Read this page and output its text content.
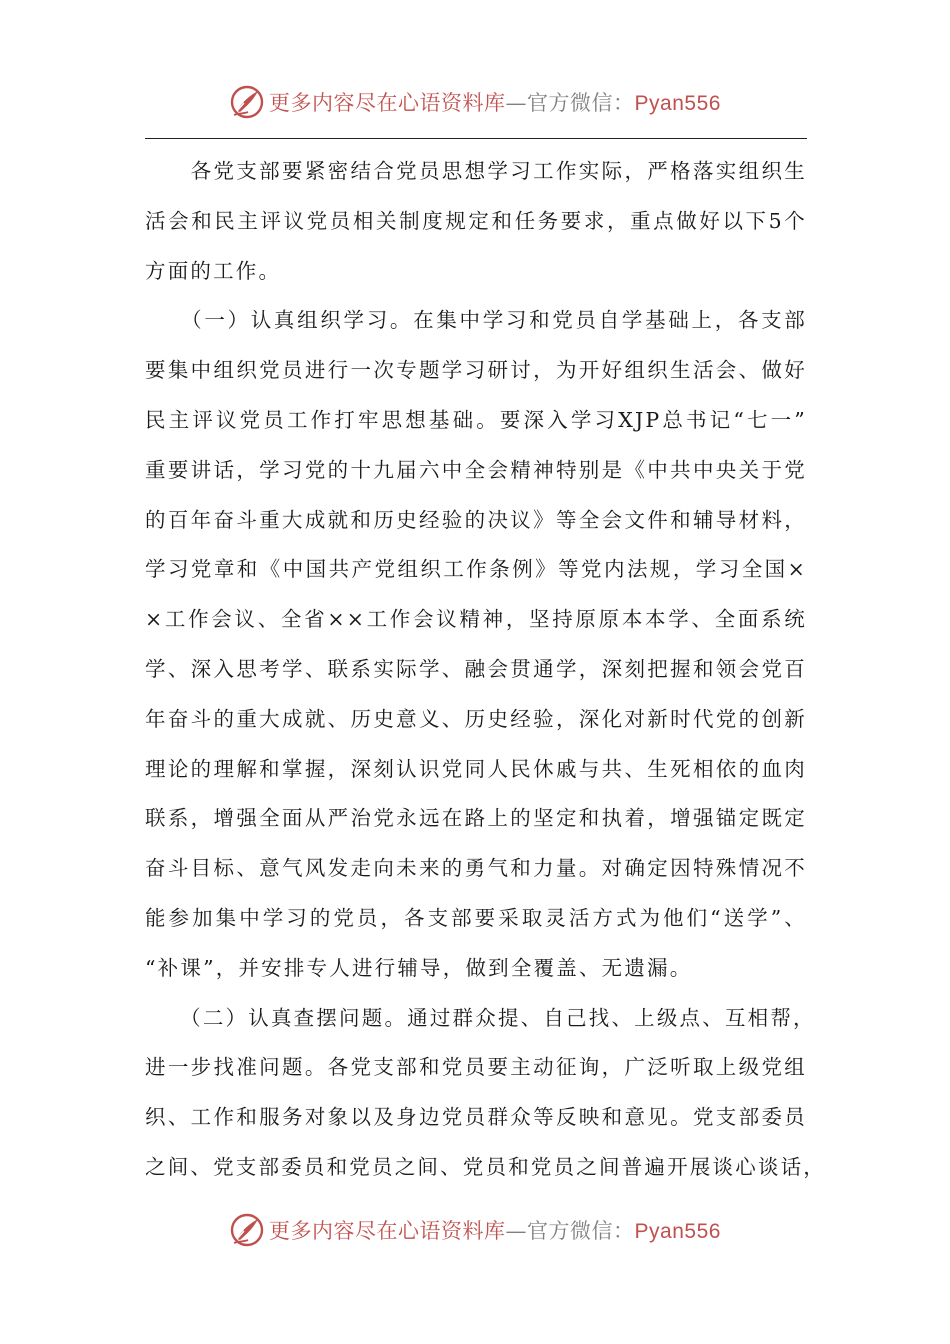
更多内容尽在心语资料库—官方微信：Pyan556
　　各党支部要紧密结合党员思想学习工作实际，严格落实组织生
活会和民主评议党员相关制度规定和任务要求，重点做好以下5个
方面的工作。
　　（一）认真组织学习。在集中学习和党员自学基础上，各支部
要集中组织党员进行一次专题学习研讨，为开好组织生活会、做好
民主评议党员工作打牢思想基础。要深入学习XJP总书记“七一”
重要讲话，学习党的十九届六中全会精神特别是《中共中央关于党
的百年奋斗重大成就和历史经验的决议》等全会文件和辅导材料，
学习党章和《中国共产党组织工作条例》等党内法规，学习全国×
×工作会议、全省××工作会议精神，坚持原原本本学、全面系统
学、深入思考学、联系实际学、融会贯通学，深刻把握和领会党百
年奋斗的重大成就、历史意义、历史经验，深化对新时代党的创新
理论的理解和掌握，深刻认识党同人民休戚与共、生死相依的血肉
联系，增强全面从严治党永远在路上的坚定和执着，增强锚定既定
奋斗目标、意气风发走向未来的勇气和力量。对确定因特殊情况不
能参加集中学习的党员，各支部要采取灵活方式为他们“送学”、
“补课”，并安排专人进行辅导，做到全覆盖、无遗漏。
　　（二）认真查摆问题。通过群众提、自己找、上级点、互相帮，
进一步找准问题。各党支部和党员要主动征询，广泛听取上级党组
织、工作和服务对象以及身边党员群众等反映和意见。党支部委员
之间、党支部委员和党员之间、党员和党员之间普遍开展谈心谈话，
更多内容尽在心语资料库—官方微信：Pyan556
